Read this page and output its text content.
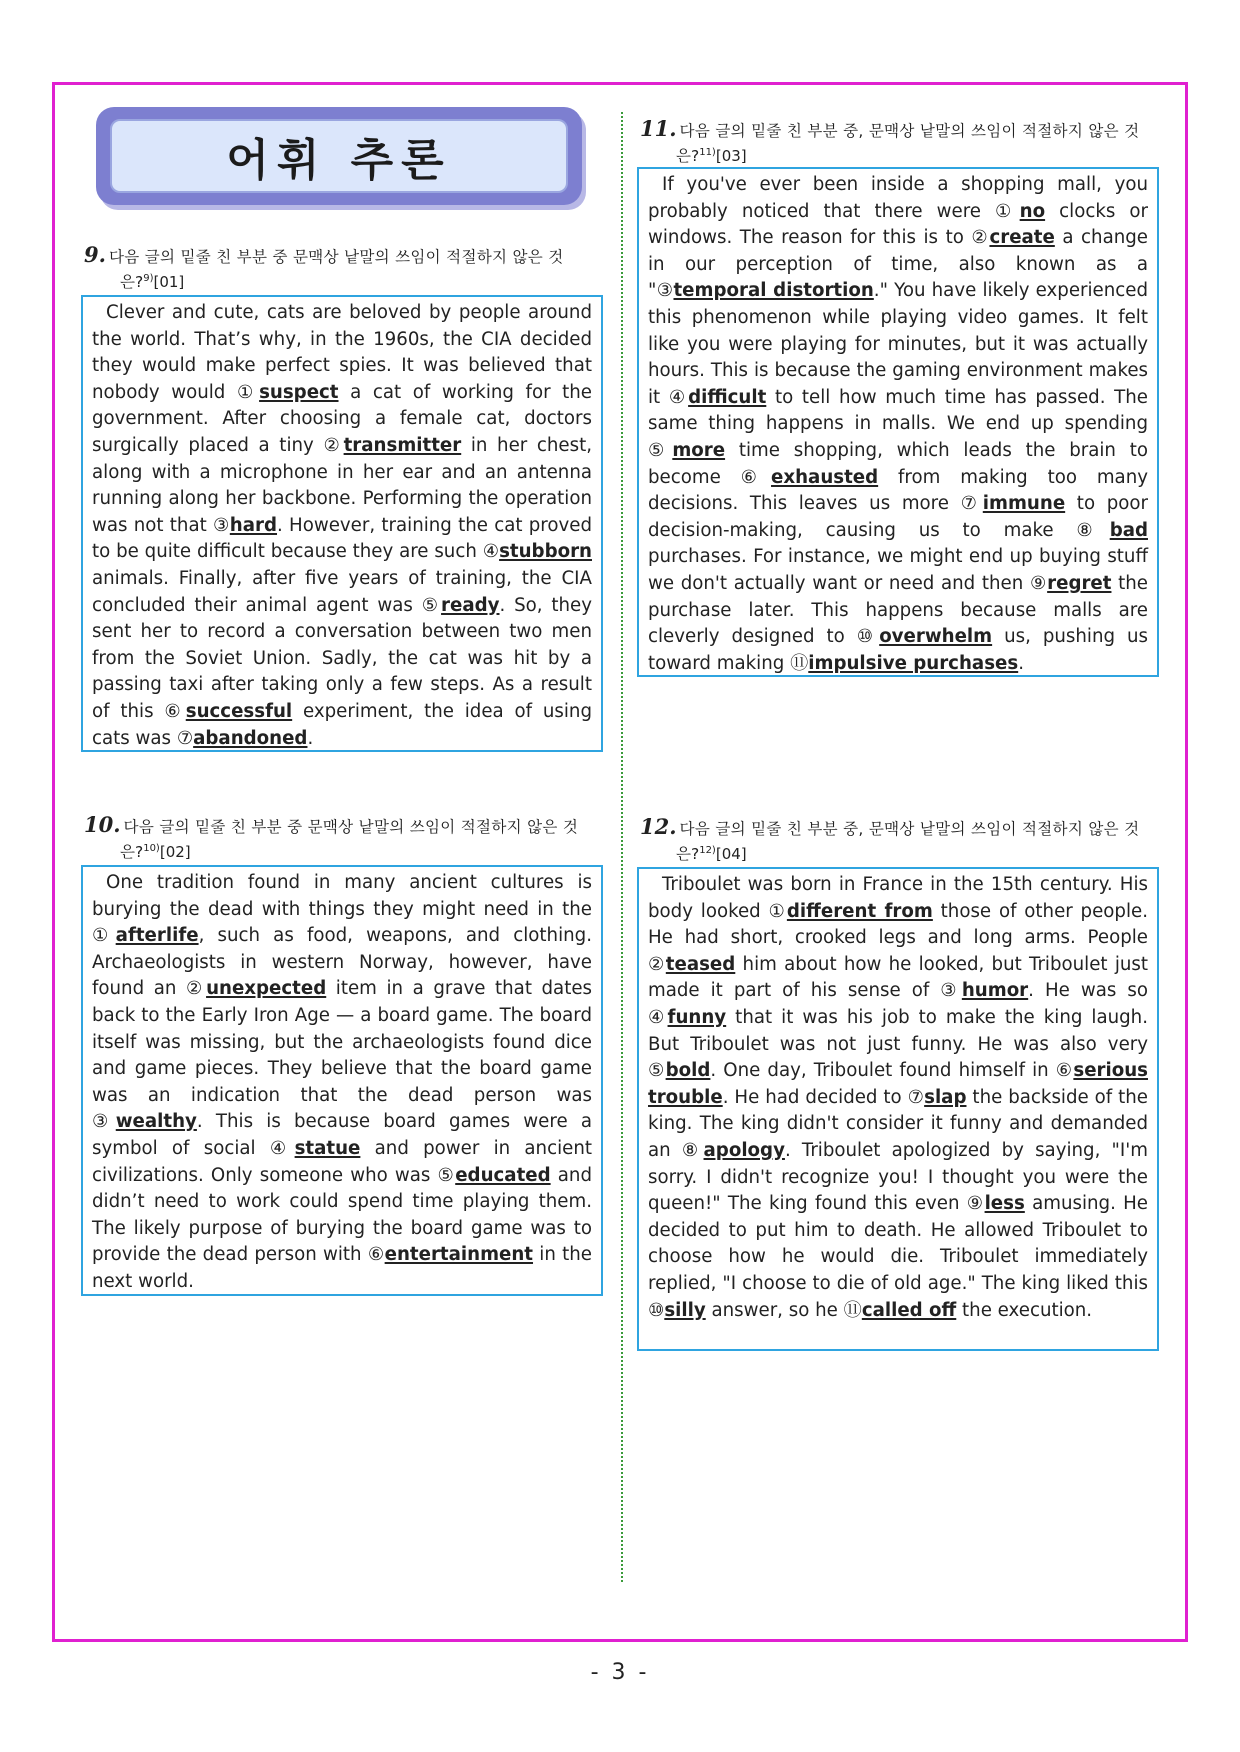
어휘 추론
9. 다음 글의 밑줄 친 부분 중 문맥상 낱말의 쓰임이 적절하지 않은 것
은?$^{9)}$[01]

Clever and cute, cats are beloved by people around the world. That’s why, in the 1960s, the CIA decided they would make perfect spies. It was believed that nobody would ①suspect a cat of working for the government. After choosing a female cat, doctors surgically placed a tiny ②transmitter in her chest, along with a microphone in her ear and an antenna running along her backbone. Performing the operation was not that ③hard. However, training the cat proved to be quite difficult because they are such ④stubborn animals. Finally, after five years of training, the CIA concluded their animal agent was ⑤ready. So, they sent her to record a conversation between two men from the Soviet Union. Sadly, the cat was hit by a passing taxi after taking only a few steps. As a result of this ⑥successful experiment, the idea of using cats was ⑦abandoned.

10. 다음 글의 밑줄 친 부분 중 문맥상 낱말의 쓰임이 적절하지 않은 것
은?$^{10)}$[02]

One tradition found in many ancient cultures is burying the dead with things they might need in the ①afterlife, such as food, weapons, and clothing. Archaeologists in western Norway, however, have found an ②unexpected item in a grave that dates back to the Early Iron Age — a board game. The board itself was missing, but the archaeologists found dice and game pieces. They believe that the board game was an indication that the dead person was ③wealthy. This is because board games were a symbol of social ④statue and power in ancient civilizations. Only someone who was ⑤educated and didn’t need to work could spend time playing them. The likely purpose of burying the board game was to provide the dead person with ⑥entertainment in the next world.

11. 다음 글의 밑줄 친 부분 중, 문맥상 낱말의 쓰임이 적절하지 않은 것
은?$^{11)}$[03]

If you've ever been inside a shopping mall, you probably noticed that there were ①no clocks or windows. The reason for this is to ②create a change in our perception of time, also known as a "③temporal distortion." You have likely experienced this phenomenon while playing video games. It felt like you were playing for minutes, but it was actually hours. This is because the gaming environment makes it ④difficult to tell how much time has passed. The same thing happens in malls. We end up spending ⑤more time shopping, which leads the brain to become ⑥exhausted from making too many decisions. This leaves us more ⑦immune to poor decision-making, causing us to make ⑧bad purchases. For instance, we might end up buying stuff we don't actually want or need and then ⑨regret the purchase later. This happens because malls are cleverly designed to ⑩overwhelm us, pushing us toward making ⑪impulsive purchases.

12. 다음 글의 밑줄 친 부분 중, 문맥상 낱말의 쓰임이 적절하지 않은 것
은?$^{12)}$[04]

Triboulet was born in France in the 15th century. His body looked ①different from those of other people. He had short, crooked legs and long arms. People ②teased him about how he looked, but Triboulet just made it part of his sense of ③humor. He was so ④funny that it was his job to make the king laugh. But Triboulet was not just funny. He was also very ⑤bold. One day, Triboulet found himself in ⑥serious trouble. He had decided to ⑦slap the backside of the king. The king didn't consider it funny and demanded an ⑧apology. Triboulet apologized by saying, "I'm sorry. I didn't recognize you! I thought you were the queen!" The king found this even ⑨less amusing. He decided to put him to death. He allowed Triboulet to choose how he would die. Triboulet immediately replied, "I choose to die of old age." The king liked this ⑩silly answer, so he ⑪called off the execution.

- 3 -
